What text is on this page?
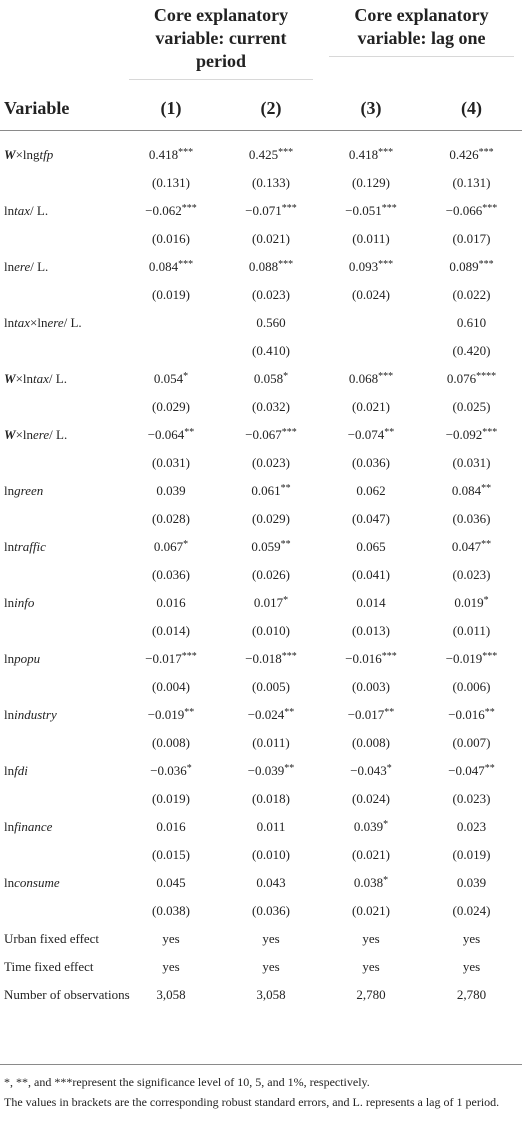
	Core explanatory variable: current period		Core explanatory variable: lag one	

Variable	(1)	(2)	(3)	(4)

W×lngtfp	0.418***	0.425***	0.418***	0.426***
	(0.131)	(0.133)	(0.129)	(0.131)
lntax/ L.	−0.062***	−0.071***	−0.051***	−0.066***
	(0.016)	(0.021)	(0.011)	(0.017)
lnere/ L.	0.084***	0.088***	0.093***	0.089***
	(0.019)	(0.023)	(0.024)	(0.022)
lntax×lnere/ L.		0.560		0.610
		(0.410)		(0.420)
W×lntax/ L.	0.054*	0.058*	0.068***	0.076****
	(0.029)	(0.032)	(0.021)	(0.025)
W×lnere/ L.	−0.064**	−0.067***	−0.074**	−0.092***
	(0.031)	(0.023)	(0.036)	(0.031)
lngreen	0.039	0.061**	0.062	0.084**
	(0.028)	(0.029)	(0.047)	(0.036)
lntraffic	0.067*	0.059**	0.065	0.047**
	(0.036)	(0.026)	(0.041)	(0.023)
lninfo	0.016	0.017*	0.014	0.019*
	(0.014)	(0.010)	(0.013)	(0.011)
lnpopu	−0.017***	−0.018***	−0.016***	−0.019***
	(0.004)	(0.005)	(0.003)	(0.006)
lnindustry	−0.019**	−0.024**	−0.017**	−0.016**
	(0.008)	(0.011)	(0.008)	(0.007)
lnfdi	−0.036*	−0.039**	−0.043*	−0.047**
	(0.019)	(0.018)	(0.024)	(0.023)
lnfinance	0.016	0.011	0.039*	0.023
	(0.015)	(0.010)	(0.021)	(0.019)
lnconsume	0.045	0.043	0.038*	0.039
	(0.038)	(0.036)	(0.021)	(0.024)
Urban fixed effect	yes	yes	yes	yes
Time fixed effect	yes	yes	yes	yes
Number of observations	3,058	3,058	2,780	2,780

*, **, and ***represent the significance level of 10, 5, and 1%, respectively.

The values in brackets are the corresponding robust standard errors, and L. represents a lag of 1 period.
